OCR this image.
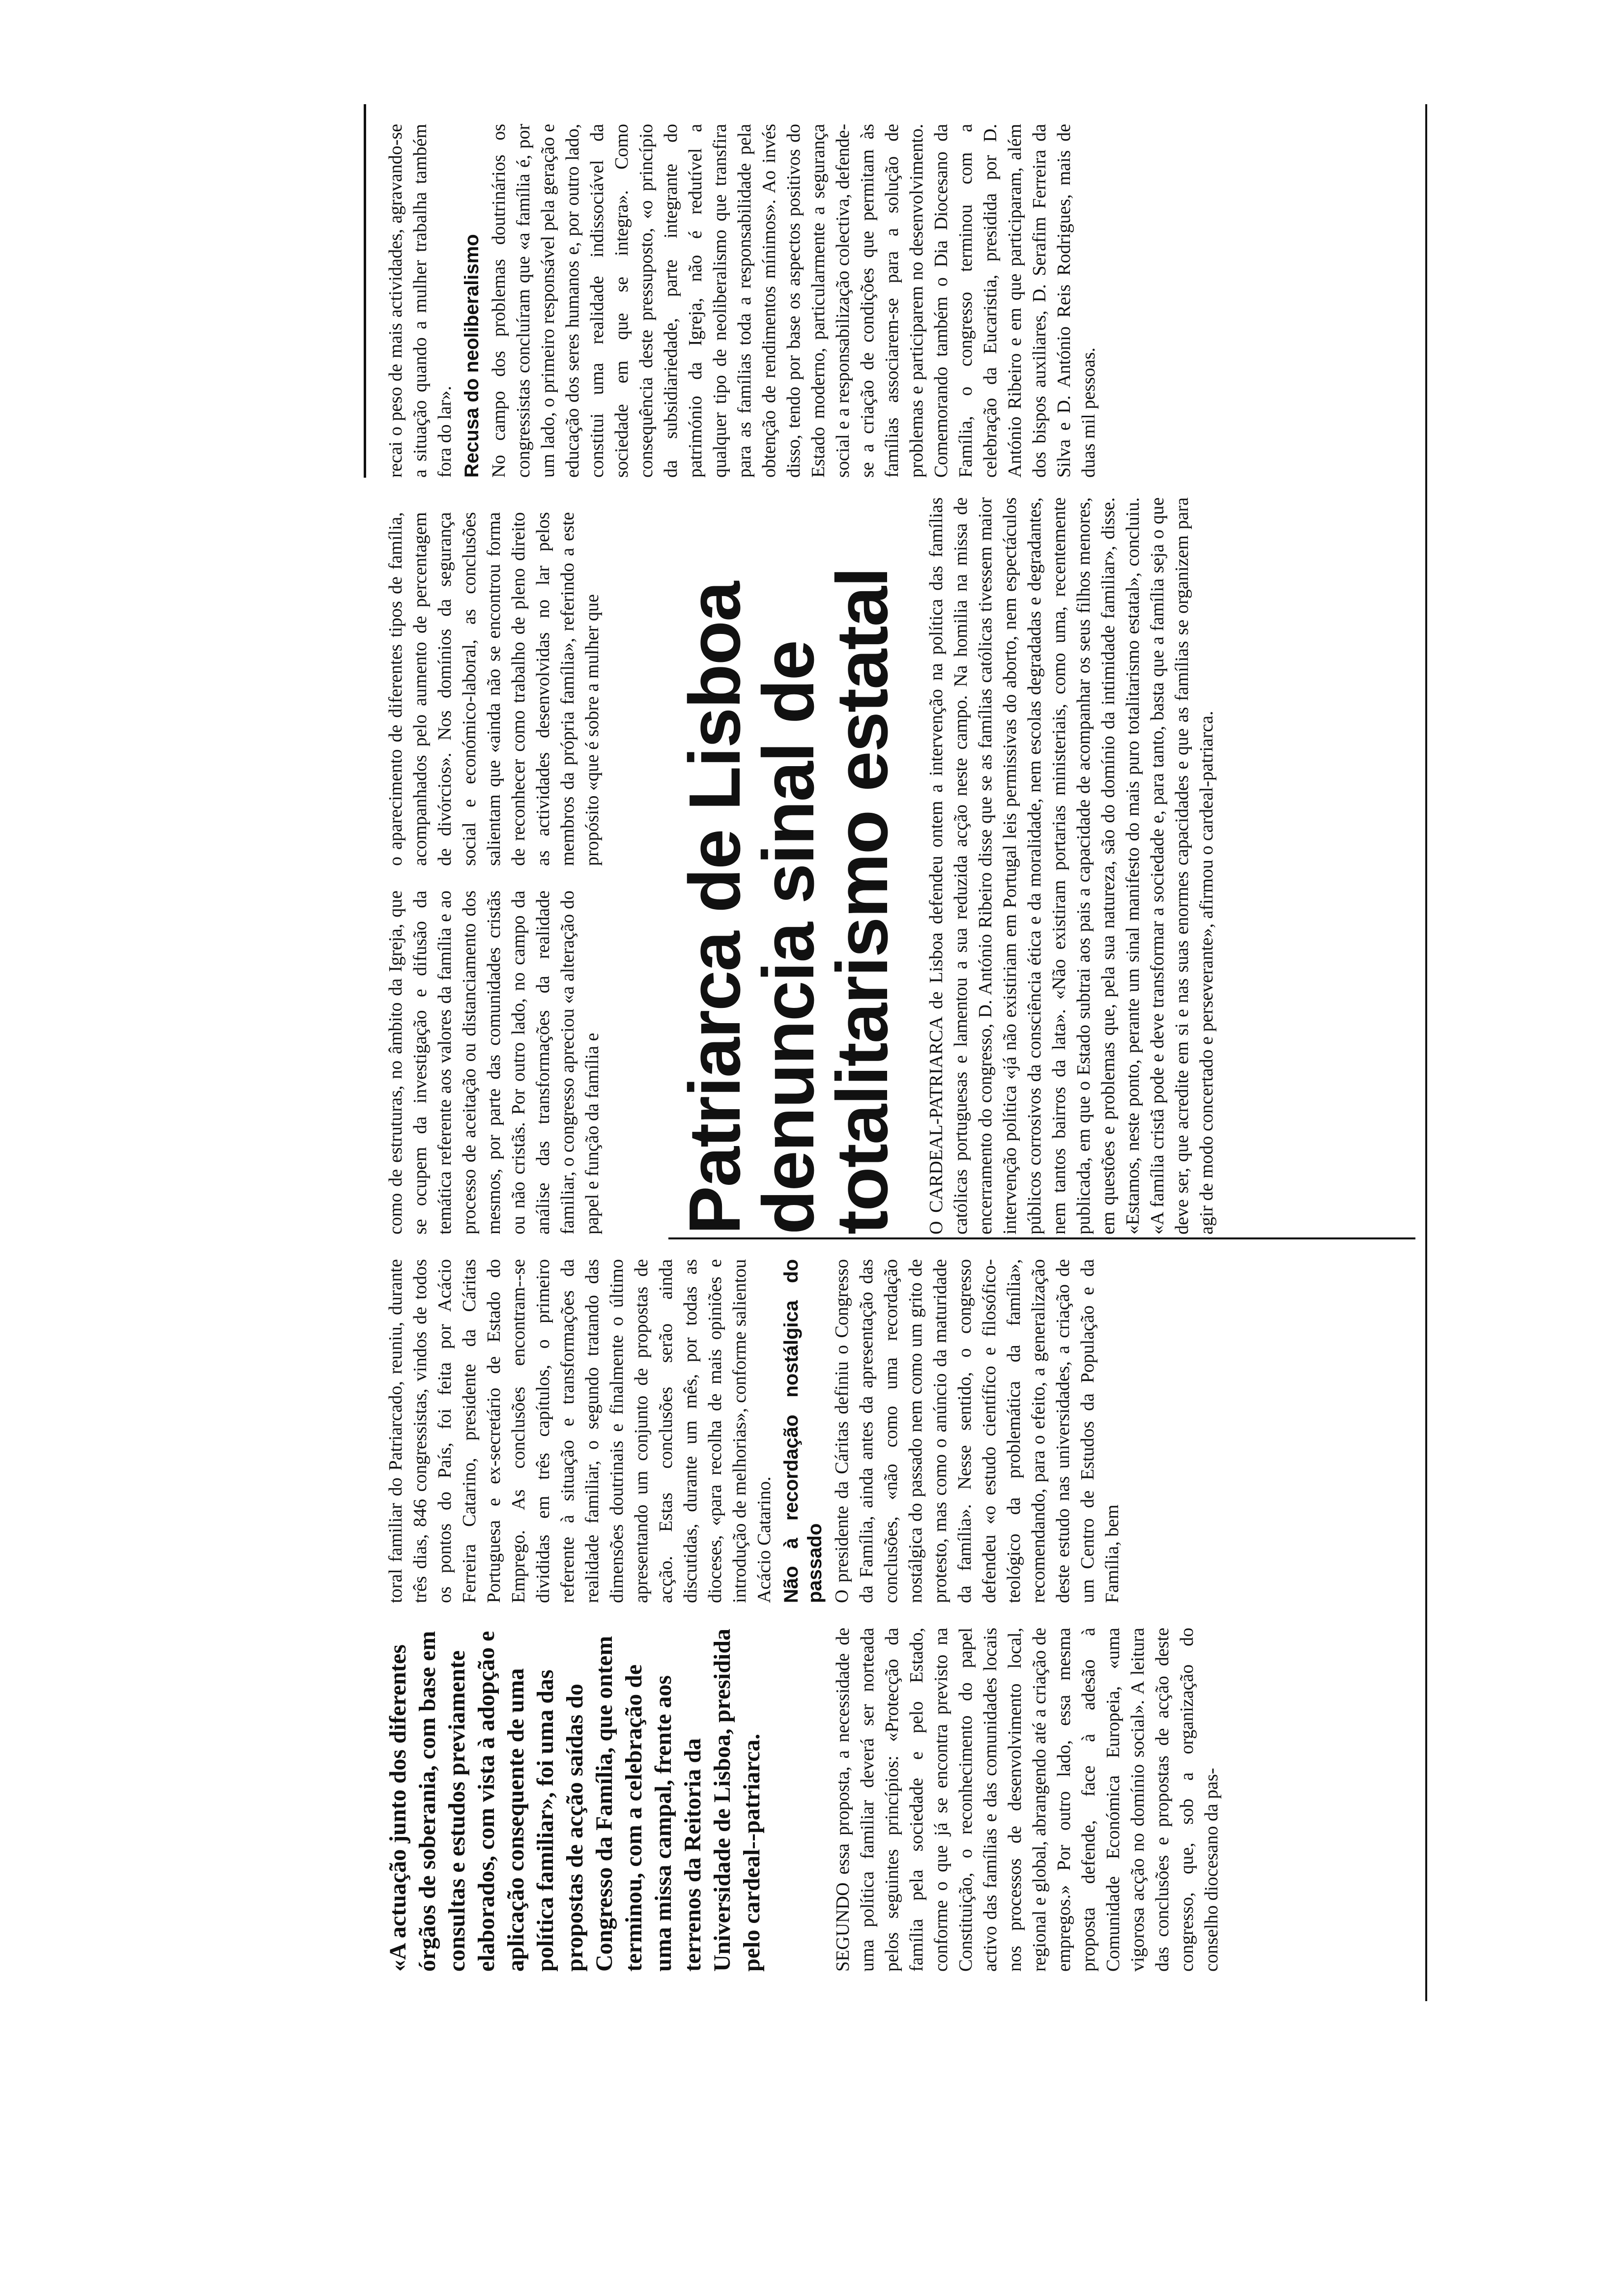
«A actuação junto dos diferentes órgãos de soberania, com base em consultas e estudos previamente elaborados, com vista à adopção e aplicação consequente de uma política familiar», foi uma das propostas de acção saídas do Congresso da Família, que ontem terminou, com a celebração de uma missa campal, frente aos terrenos da Reitoria da Universidade de Lisboa, presidida pelo cardeal--patriarca.	SEGUNDO essa proposta, a necessidade de uma política familiar deverá ser norteada pelos seguintes princípios: «Protecção da família pela sociedade e pelo Estado, conforme o que já se encontra previsto na Constituição, o reconhecimento do papel activo das famílias e das comunidades locais nos processos de desenvolvimento local, regional e global, abrangendo até a criação de empregos.» Por outro lado, essa mesma proposta defende, face à adesão à Comunidade Económica Europeia, «uma vigorosa acção no domínio social». A leitura das conclusões e propostas de acção deste congresso, que, sob a organização do conselho diocesano da pas-

toral familiar do Patriarcado, reuniu, durante três dias, 846 congressistas, vindos de todos os pontos do País, foi feita por Acácio Ferreira Catarino, presidente da Cáritas Portuguesa e ex-secretário de Estado do Emprego. As conclusões encontram--se divididas em três capítulos, o primeiro referente à situação e transformações da realidade familiar, o segundo tratando das dimensões doutrinais e finalmente o último apresentando um conjunto de propostas de acção. Estas conclusões serão ainda discutidas, durante um mês, por todas as dioceses, «para recolha de mais opiniões e introdução de melhorias», conforme salientou Acácio Catarino. Não à recordação nostálgica do passado O presidente da Cáritas definiu o Congresso da Família, ainda antes da apresentação das conclusões, «não como uma recordação nostálgica do passado nem como um grito de protesto, mas como o anúncio da maturidade da família». Nesse sentido, o congresso defendeu «o estudo científico e filosófico-teológico da problemática da família», recomendando, para o efeito, a generalização deste estudo nas universidades, a criação de um Centro de Estudos da População e da Família, bem

como de estruturas, no âmbito da Igreja, que se ocupem da investigação e difusão da temática referente aos valores da família e ao processo de aceitação ou distanciamento dos mesmos, por parte das comunidades cristãs ou não cristãs. Por outro lado, no campo da análise das transformações da realidade familiar, o congresso apreciou «a alteração do papel e função da família e

o aparecimento de diferentes tipos de família, acompanhados pelo aumento de percentagem de divórcios». Nos domínios da segurança social e económico-laboral, as conclusões salientam que «ainda não se encontrou forma de reconhecer como trabalho de pleno direito as actividades desenvolvidas no lar pelos membros da própria família», referindo a este propósito «que é sobre a mulher que Patriarca de Lisboa denuncia sinal de totalitarismo estatal O CARDEAL-PATRIARCA de Lisboa defendeu ontem a intervenção na política das famílias católicas portuguesas e lamentou a sua reduzida acção neste campo. Na homilia na missa de encerramento do congresso, D. António Ribeiro disse que se as famílias católicas tivessem maior intervenção política «já não existiriam em Portugal leis permissivas do aborto, nem espectáculos públicos corrosivos da consciência ética e da moralidade, nem escolas degradadas e degradantes, nem tantos bairros da lata». «Não existiram portarias ministeriais, como uma, recentemente publicada, em que o Estado subtrai aos pais a capacidade de acompanhar os seus filhos menores, em questões e problemas que, pela sua natureza, são do domínio da intimidade familiar», disse. «Estamos, neste ponto, perante um sinal manifesto do mais puro totalitarismo estatal», concluiu. «A família cristã pode e deve transformar a sociedade e, para tanto, basta que a família seja o que deve ser, que acredite em si e nas suas enormes capacidades e que as famílias se organizem para agir de modo concertado e perseverante», afirmou o cardeal-patriarca.

recai o peso de mais actividades, agravando-se a situação quando a mulher trabalha também fora do lar». Recusa do neoliberalismo No campo dos problemas doutrinários os congressistas concluíram que «a família é, por um lado, o primeiro responsável pela geração e educação dos seres humanos e, por outro lado, constitui uma realidade indissociável da sociedade em que se integra». Como consequência deste pressuposto, «o princípio da subsidiariedade, parte integrante do património da Igreja, não é redutível a qualquer tipo de neoliberalismo que transfira para as famílias toda a responsabilidade pela obtenção de rendimentos mínimos». Ao invés disso, tendo por base os aspectos positivos do Estado moderno, particularmente a segurança social e a responsabilização colectiva, defende-se a criação de condições que permitam às famílias associarem-se para a solução de problemas e participarem no desenvolvimento. Comemorando também o Dia Diocesano da Família, o congresso terminou com a celebração da Eucaristia, presidida por D. António Ribeiro e em que participaram, além dos bispos auxiliares, D. Serafim Ferreira da Silva e D. António Reis Rodrigues, mais de duas mil pessoas.
